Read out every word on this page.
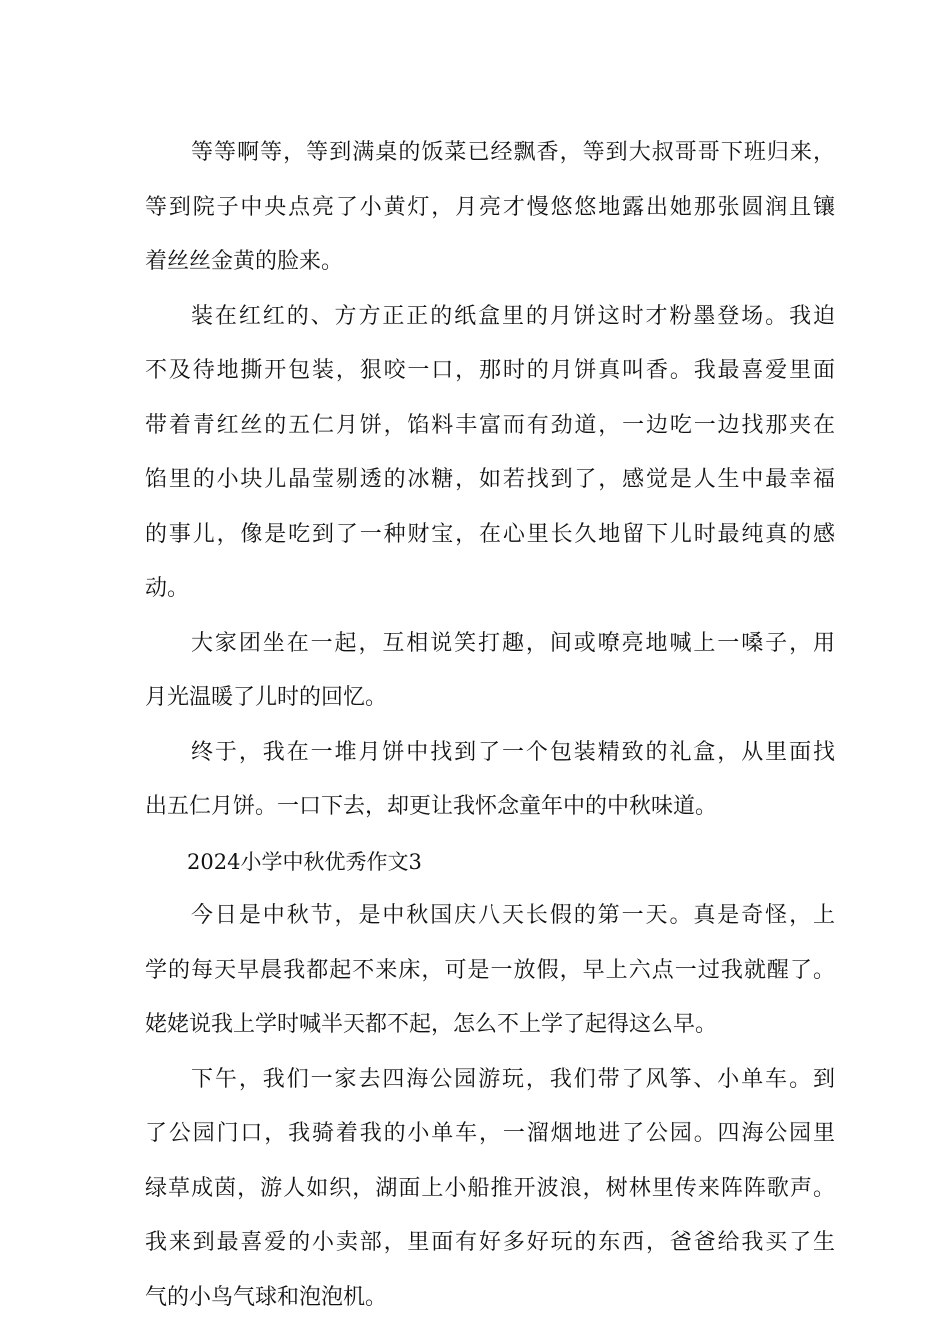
等等啊等，等到满桌的饭菜已经飘香，等到大叔哥哥下班归来，
等到院子中央点亮了小黄灯，月亮才慢悠悠地露出她那张圆润且镶
着丝丝金黄的脸来。
装在红红的、方方正正的纸盒里的月饼这时才粉墨登场。我迫
不及待地撕开包装，狠咬一口，那时的月饼真叫香。我最喜爱里面
带着青红丝的五仁月饼，馅料丰富而有劲道，一边吃一边找那夹在
馅里的小块儿晶莹剔透的冰糖，如若找到了，感觉是人生中最幸福
的事儿，像是吃到了一种财宝，在心里长久地留下儿时最纯真的感
动。
大家团坐在一起，互相说笑打趣，间或嘹亮地喊上一嗓子，用
月光温暖了儿时的回忆。
终于，我在一堆月饼中找到了一个包装精致的礼盒，从里面找
出五仁月饼。一口下去，却更让我怀念童年中的中秋味道。
2024小学中秋优秀作文3
今日是中秋节，是中秋国庆八天长假的第一天。真是奇怪，上
学的每天早晨我都起不来床，可是一放假，早上六点一过我就醒了。
姥姥说我上学时喊半天都不起，怎么不上学了起得这么早。
下午，我们一家去四海公园游玩，我们带了风筝、小单车。到
了公园门口，我骑着我的小单车，一溜烟地进了公园。四海公园里
绿草成茵，游人如织，湖面上小船推开波浪，树林里传来阵阵歌声。
我来到最喜爱的小卖部，里面有好多好玩的东西，爸爸给我买了生
气的小鸟气球和泡泡机。
